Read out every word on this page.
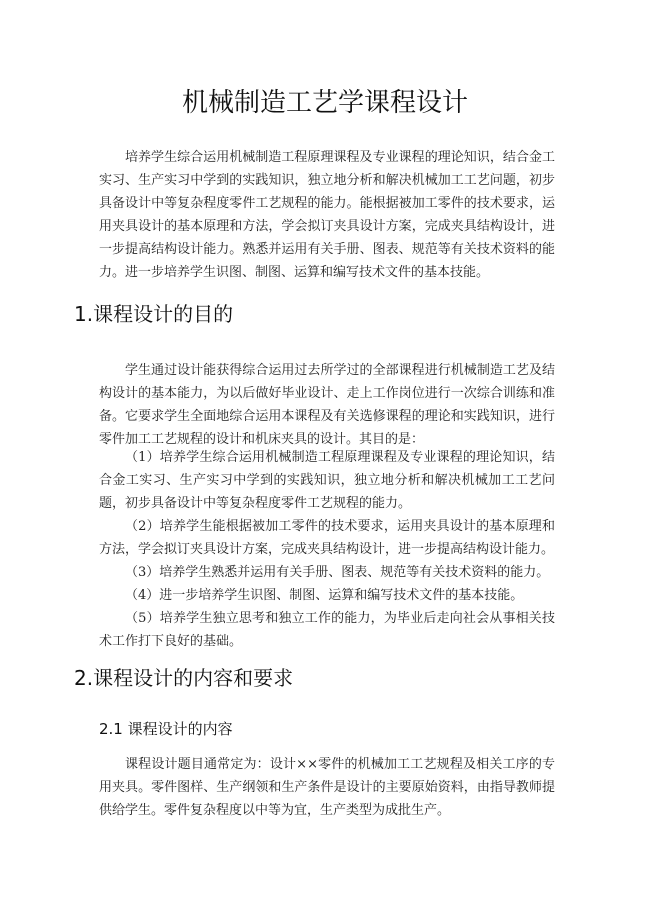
机械制造工艺学课程设计

培养学生综合运用机械制造工程原理课程及专业课程的理论知识，结合金工实习、生产实习中学到的实践知识，独立地分析和解决机械加工工艺问题，初步具备设计中等复杂程度零件工艺规程的能力。能根据被加工零件的技术要求，运用夹具设计的基本原理和方法，学会拟订夹具设计方案，完成夹具结构设计，进一步提高结构设计能力。熟悉并运用有关手册、图表、规范等有关技术资料的能力。进一步培养学生识图、制图、运算和编写技术文件的基本技能。

1.课程设计的目的

学生通过设计能获得综合运用过去所学过的全部课程进行机械制造工艺及结构设计的基本能力，为以后做好毕业设计、走上工作岗位进行一次综合训练和准备。它要求学生全面地综合运用本课程及有关选修课程的理论和实践知识，进行零件加工工艺规程的设计和机床夹具的设计。其目的是：

（1）培养学生综合运用机械制造工程原理课程及专业课程的理论知识，结合金工实习、生产实习中学到的实践知识，独立地分析和解决机械加工工艺问题，初步具备设计中等复杂程度零件工艺规程的能力。
（2）培养学生能根据被加工零件的技术要求，运用夹具设计的基本原理和方法，学会拟订夹具设计方案，完成夹具结构设计，进一步提高结构设计能力。
（3）培养学生熟悉并运用有关手册、图表、规范等有关技术资料的能力。
（4）进一步培养学生识图、制图、运算和编写技术文件的基本技能。
（5）培养学生独立思考和独立工作的能力，为毕业后走向社会从事相关技术工作打下良好的基础。
2.课程设计的内容和要求
2.1 课程设计的内容

课程设计题目通常定为：设计××零件的机械加工工艺规程及相关工序的专用夹具。零件图样、生产纲领和生产条件是设计的主要原始资料，由指导教师提供给学生。零件复杂程度以中等为宜，生产类型为成批生产。
